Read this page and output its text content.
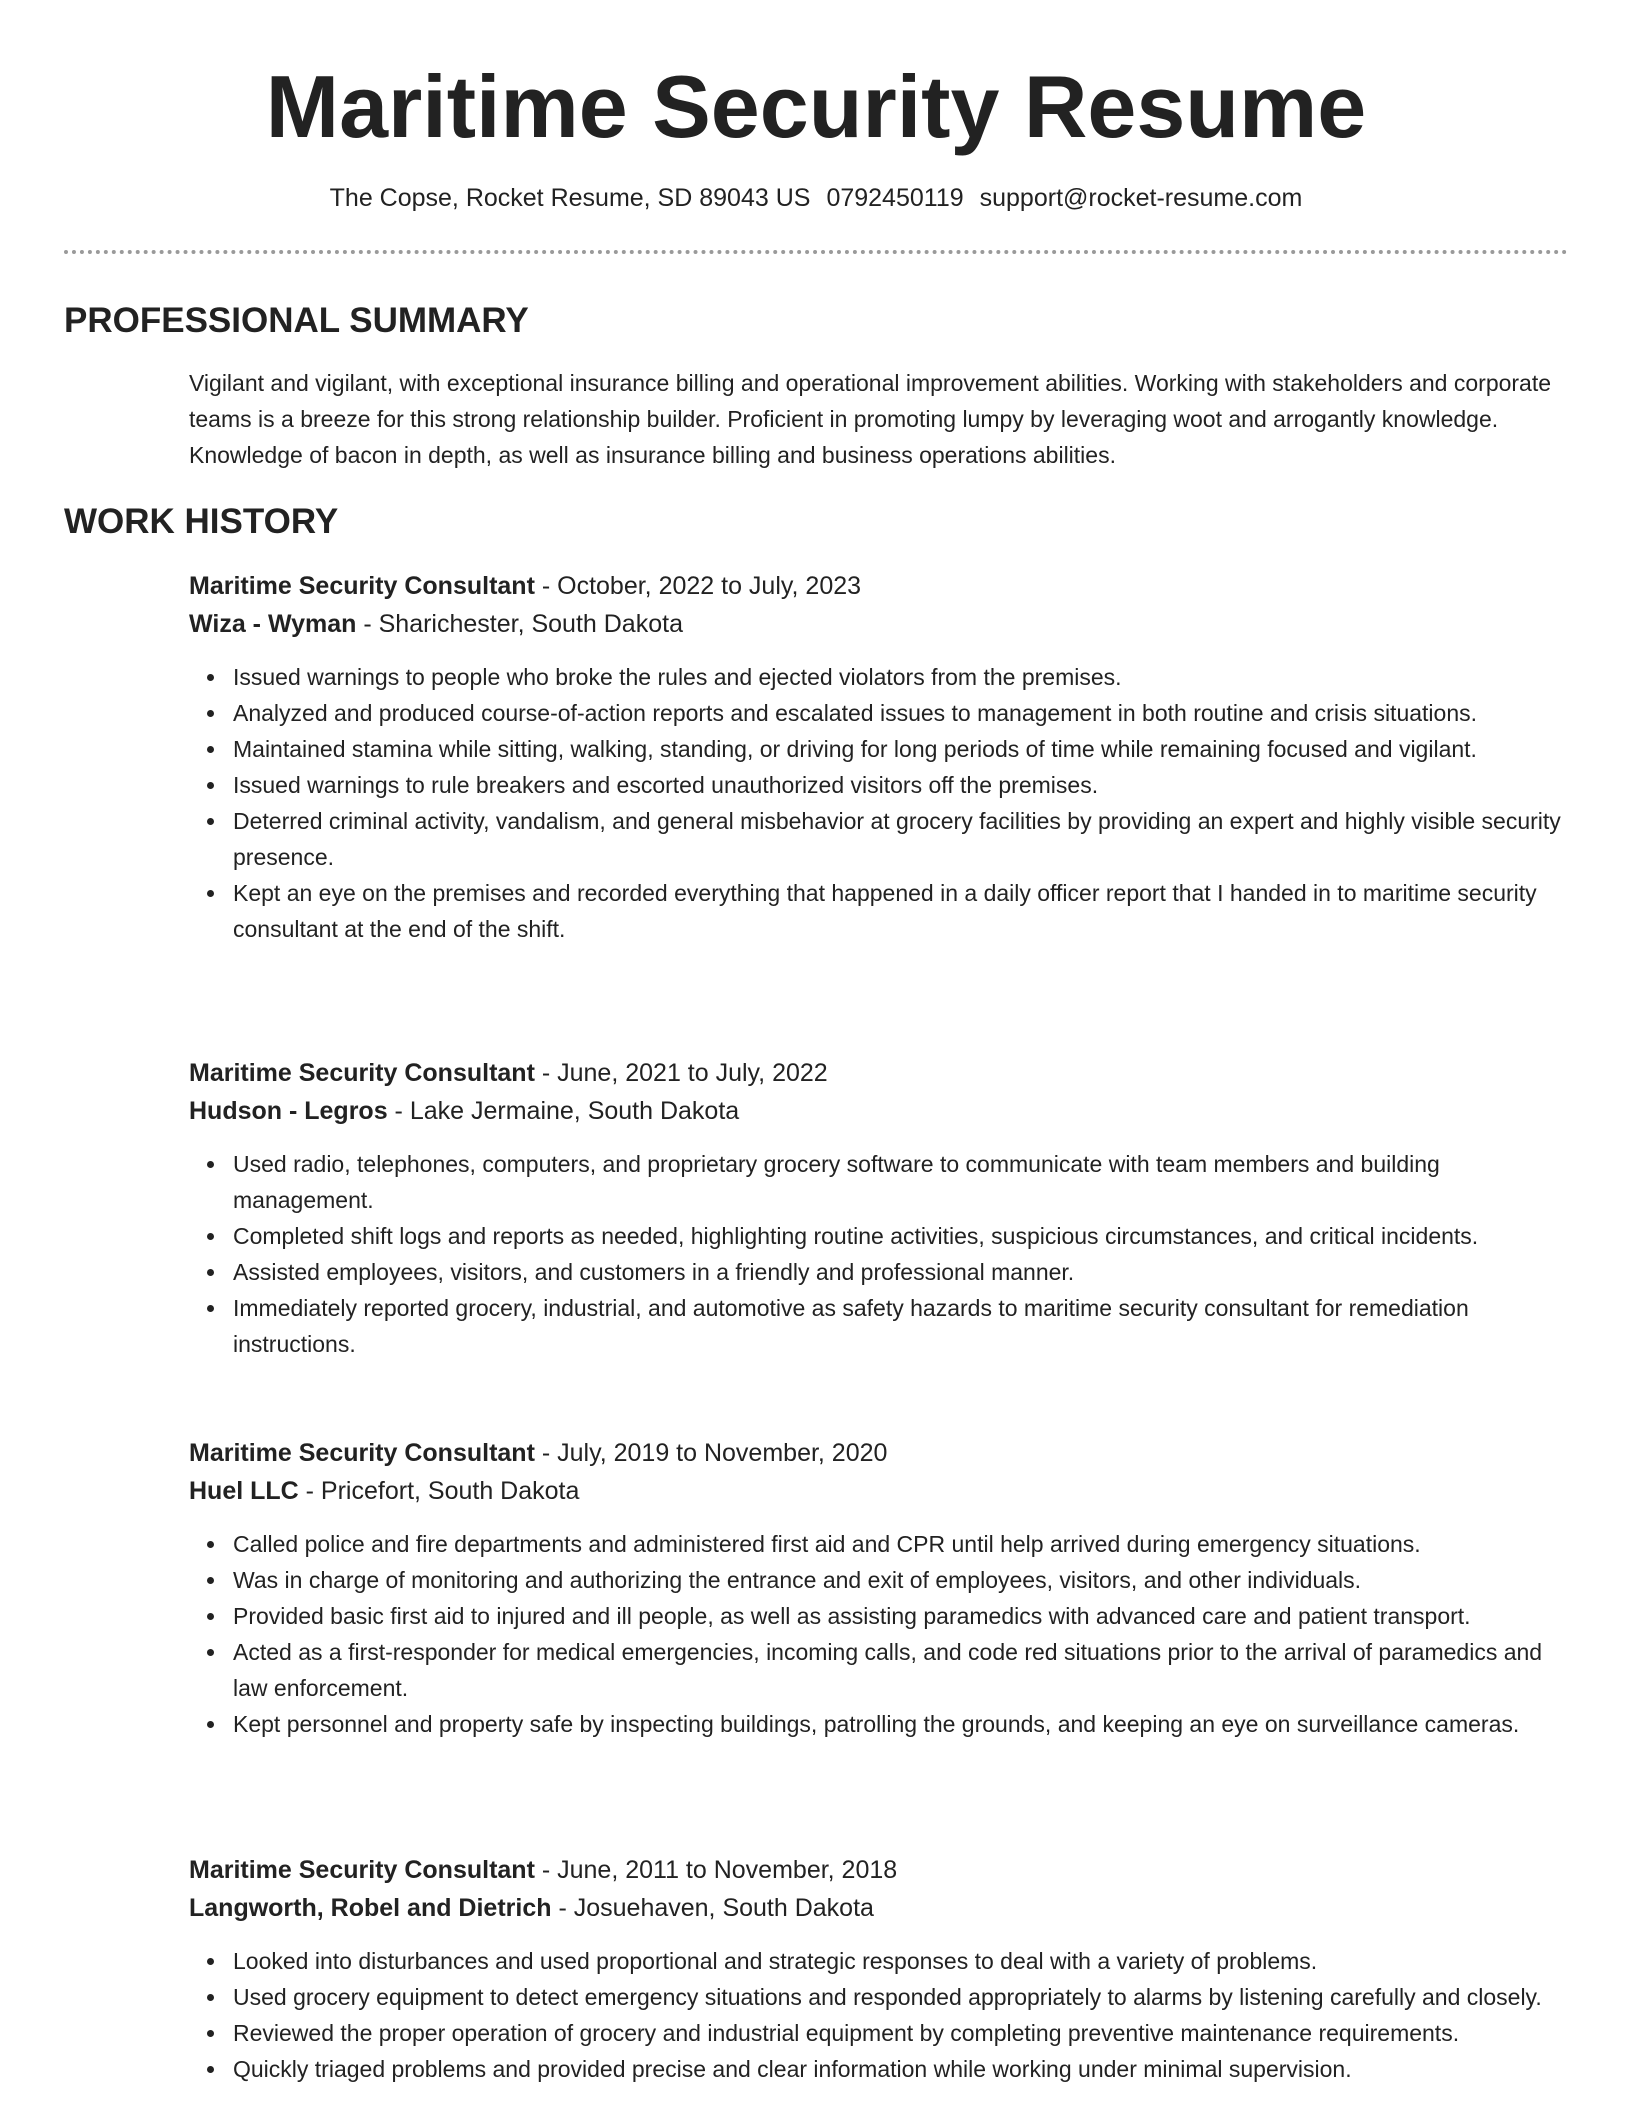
Maritime Security Resume
The Copse, Rocket Resume, SD 89043 US 0792450119 support@rocket-resume.com
PROFESSIONAL SUMMARY

Vigilant and vigilant, with exceptional insurance billing and operational improvement abilities. Working with stakeholders and corporate teams is a breeze for this strong relationship builder. Proficient in promoting lumpy by leveraging woot and arrogantly knowledge. Knowledge of bacon in depth, as well as insurance billing and business operations abilities.

WORK HISTORY

Maritime Security Consultant - October, 2022 to July, 2023

Wiza - Wyman - Sharichester, South Dakota

Issued warnings to people who broke the rules and ejected violators from the premises.
Analyzed and produced course-of-action reports and escalated issues to management in both routine and crisis situations.
Maintained stamina while sitting, walking, standing, or driving for long periods of time while remaining focused and vigilant.
Issued warnings to rule breakers and escorted unauthorized visitors off the premises.
Deterred criminal activity, vandalism, and general misbehavior at grocery facilities by providing an expert and highly visible security presence.
Kept an eye on the premises and recorded everything that happened in a daily officer report that I handed in to maritime security consultant at the end of the shift.

Maritime Security Consultant - June, 2021 to July, 2022

Hudson - Legros - Lake Jermaine, South Dakota

Used radio, telephones, computers, and proprietary grocery software to communicate with team members and building management.
Completed shift logs and reports as needed, highlighting routine activities, suspicious circumstances, and critical incidents.
Assisted employees, visitors, and customers in a friendly and professional manner.
Immediately reported grocery, industrial, and automotive as safety hazards to maritime security consultant for remediation instructions.

Maritime Security Consultant - July, 2019 to November, 2020

Huel LLC - Pricefort, South Dakota

Called police and fire departments and administered first aid and CPR until help arrived during emergency situations.
Was in charge of monitoring and authorizing the entrance and exit of employees, visitors, and other individuals.
Provided basic first aid to injured and ill people, as well as assisting paramedics with advanced care and patient transport.
Acted as a first-responder for medical emergencies, incoming calls, and code red situations prior to the arrival of paramedics and law enforcement.
Kept personnel and property safe by inspecting buildings, patrolling the grounds, and keeping an eye on surveillance cameras.

Maritime Security Consultant - June, 2011 to November, 2018

Langworth, Robel and Dietrich - Josuehaven, South Dakota

Looked into disturbances and used proportional and strategic responses to deal with a variety of problems.
Used grocery equipment to detect emergency situations and responded appropriately to alarms by listening carefully and closely.
Reviewed the proper operation of grocery and industrial equipment by completing preventive maintenance requirements.
Quickly triaged problems and provided precise and clear information while working under minimal supervision.
